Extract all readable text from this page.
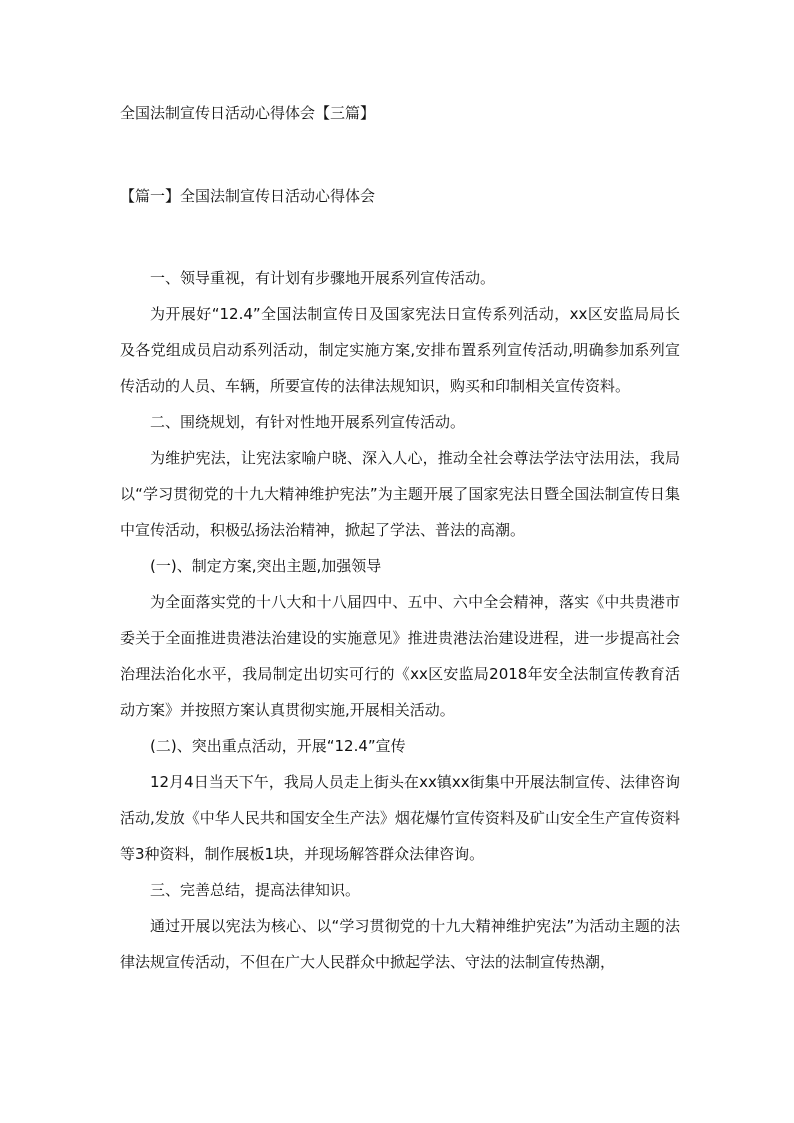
全国法制宣传日活动心得体会【三篇】
【篇一】全国法制宣传日活动心得体会

一、领导重视，有计划有步骤地开展系列宣传活动。

为开展好“12.4”全国法制宣传日及国家宪法日宣传系列活动，xx区安监局局长及各党组成员启动系列活动，制定实施方案,安排布置系列宣传活动,明确参加系列宣传活动的人员、车辆，所要宣传的法律法规知识，购买和印制相关宣传资料。

二、围绕规划，有针对性地开展系列宣传活动。

为维护宪法，让宪法家喻户晓、深入人心，推动全社会尊法学法守法用法，我局以“学习贯彻党的十九大精神维护宪法”为主题开展了国家宪法日暨全国法制宣传日集中宣传活动，积极弘扬法治精神，掀起了学法、普法的高潮。

(一)、制定方案,突出主题,加强领导

为全面落实党的十八大和十八届四中、五中、六中全会精神，落实《中共贵港市委关于全面推进贵港法治建设的实施意见》推进贵港法治建设进程，进一步提高社会治理法治化水平，我局制定出切实可行的《xx区安监局2018年安全法制宣传教育活动方案》并按照方案认真贯彻实施,开展相关活动。

(二)、突出重点活动，开展“12.4”宣传

12月4日当天下午，我局人员走上街头在xx镇xx街集中开展法制宣传、法律咨询活动,发放《中华人民共和国安全生产法》烟花爆竹宣传资料及矿山安全生产宣传资料等3种资料，制作展板1块，并现场解答群众法律咨询。

三、完善总结，提高法律知识。

通过开展以宪法为核心、以“学习贯彻党的十九大精神维护宪法”为活动主题的法律法规宣传活动，不但在广大人民群众中掀起学法、守法的法制宣传热潮，
